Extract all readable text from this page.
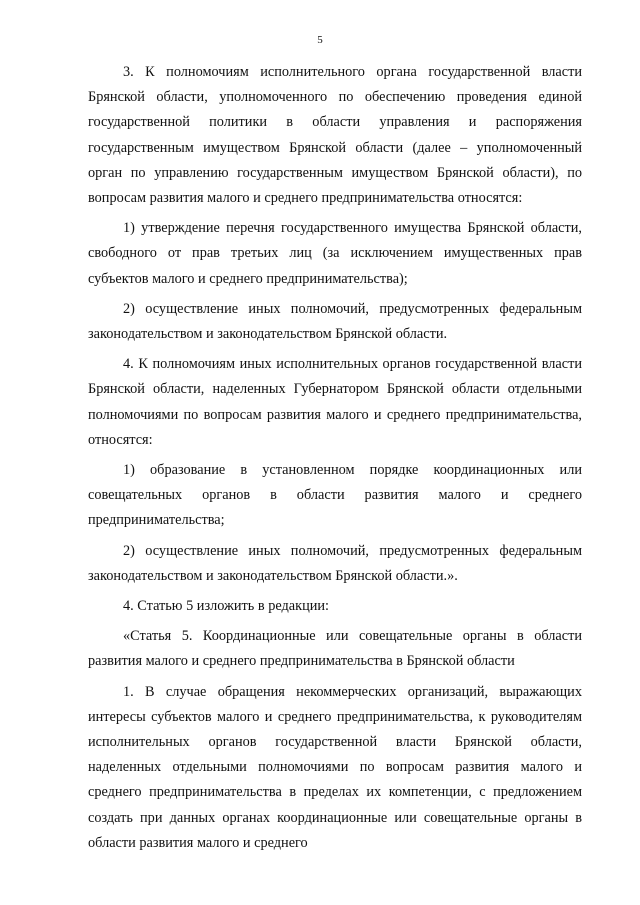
5

3. К полномочиям исполнительного органа государственной власти Брянской области, уполномоченного по обеспечению проведения единой государственной политики в области управления и распоряжения государственным имуществом Брянской области (далее – уполномоченный орган по управлению государственным имуществом Брянской области), по вопросам развития малого и среднего предпринимательства относятся:

1) утверждение перечня государственного имущества Брянской области, свободного от прав третьих лиц (за исключением имущественных прав субъектов малого и среднего предпринимательства);

2) осуществление иных полномочий, предусмотренных федеральным законодательством и законодательством Брянской области.

4. К полномочиям иных исполнительных органов государственной власти Брянской области, наделенных Губернатором Брянской области отдельными полномочиями по вопросам развития малого и среднего предпринимательства, относятся:

1) образование в установленном порядке координационных или совещательных органов в области развития малого и среднего предпринимательства;

2) осуществление иных полномочий, предусмотренных федеральным законодательством и законодательством Брянской области.».

4. Статью 5 изложить в редакции:

«Статья 5. Координационные или совещательные органы в области развития малого и среднего предпринимательства в Брянской области

1. В случае обращения некоммерческих организаций, выражающих интересы субъектов малого и среднего предпринимательства, к руководителям исполнительных органов государственной власти Брянской области, наделенных отдельными полномочиями по вопросам развития малого и среднего предпринимательства в пределах их компетенции, с предложением создать при данных органах координационные или совещательные органы в области развития малого и среднего
